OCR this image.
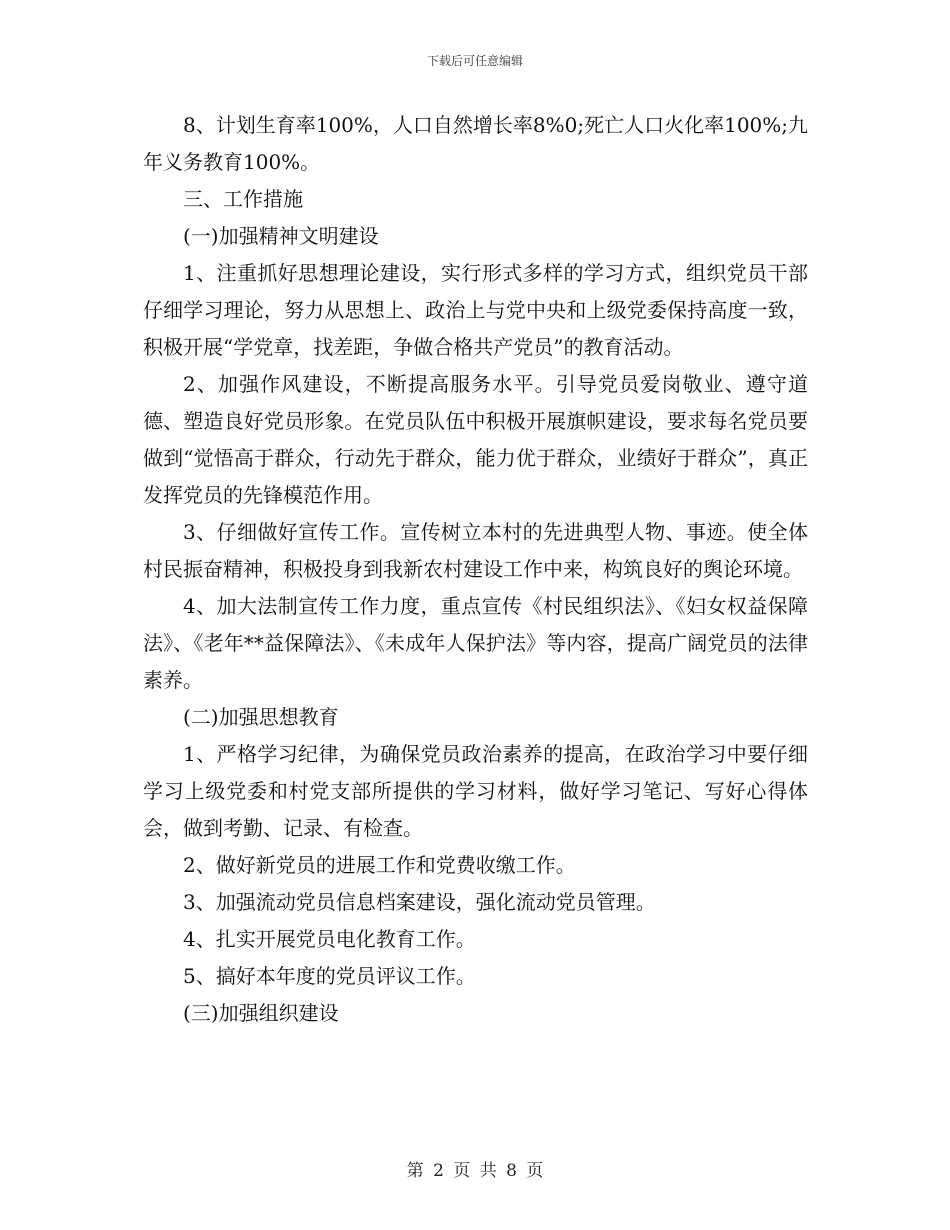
下载后可任意编辑

8、计划生育率100%，人口自然增长率8%0;死亡人口火化率100%;九年义务教育100%。

三、工作措施

(一)加强精神文明建设

1、注重抓好思想理论建设，实行形式多样的学习方式，组织党员干部仔细学习理论，努力从思想上、政治上与党中央和上级党委保持高度一致，积极开展“学党章，找差距，争做合格共产党员”的教育活动。

2、加强作风建设，不断提高服务水平。引导党员爱岗敬业、遵守道德、塑造良好党员形象。在党员队伍中积极开展旗帜建设，要求每名党员要做到“觉悟高于群众，行动先于群众，能力优于群众，业绩好于群众”，真正发挥党员的先锋模范作用。

3、仔细做好宣传工作。宣传树立本村的先进典型人物、事迹。使全体村民振奋精神，积极投身到我新农村建设工作中来，构筑良好的舆论环境。

4、加大法制宣传工作力度，重点宣传《村民组织法》、《妇女权益保障法》、《老年**益保障法》、《未成年人保护法》等内容，提高广阔党员的法律素养。

(二)加强思想教育

1、严格学习纪律，为确保党员政治素养的提高，在政治学习中要仔细学习上级党委和村党支部所提供的学习材料，做好学习笔记、写好心得体会，做到考勤、记录、有检查。

2、做好新党员的进展工作和党费收缴工作。

3、加强流动党员信息档案建设，强化流动党员管理。

4、扎实开展党员电化教育工作。

5、搞好本年度的党员评议工作。

(三)加强组织建设

第 2 页 共 8 页
